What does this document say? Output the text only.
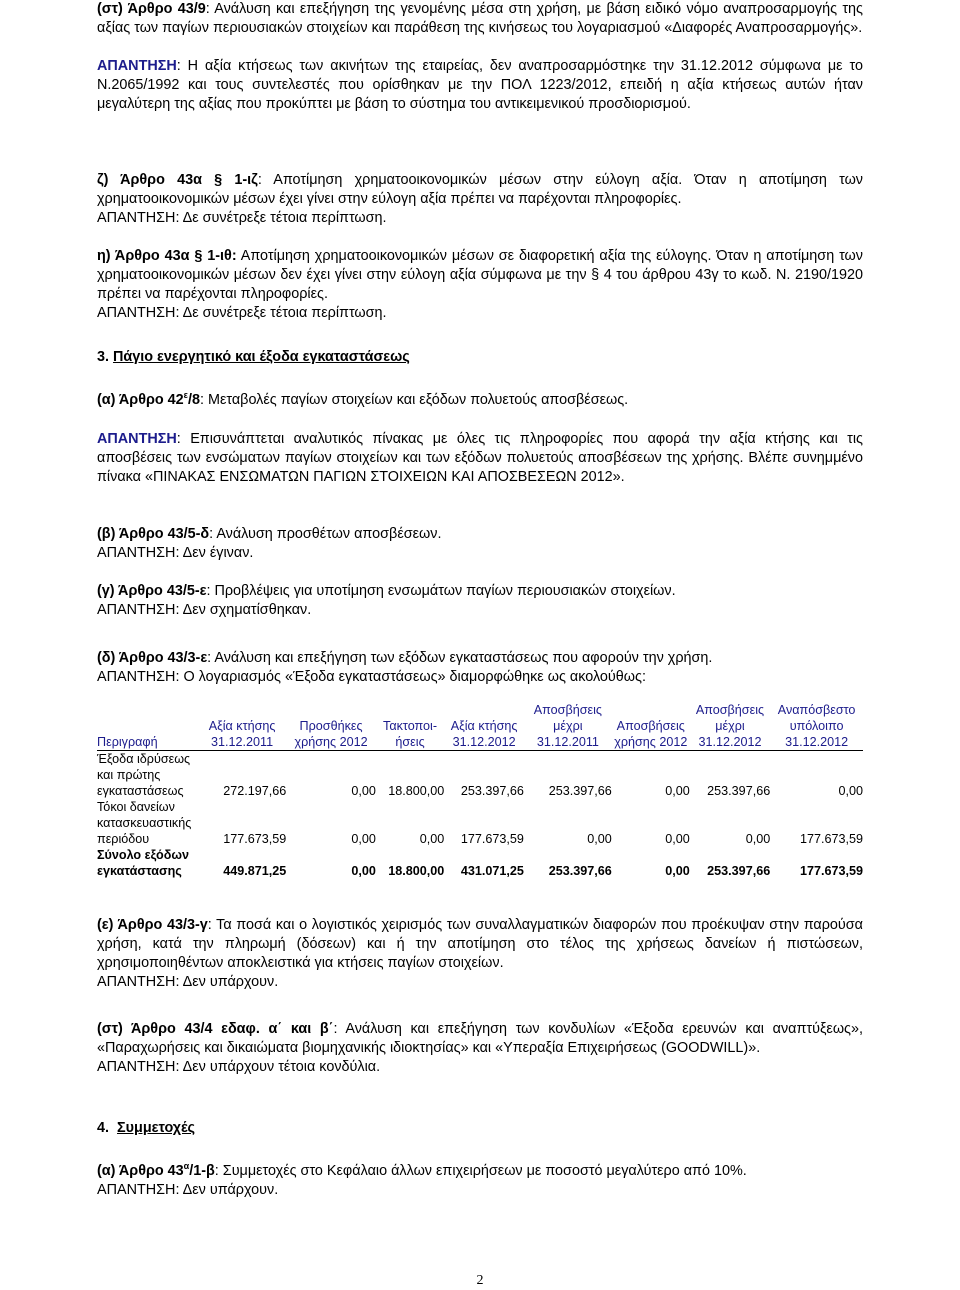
(στ) Άρθρο 43/9: Ανάλυση και επεξήγηση της γενομένης μέσα στη χρήση, με βάση ειδικό νόμο αναπροσαρμογής της αξίας των παγίων περιουσιακών στοιχείων και παράθεση της κινήσεως του λογαριασμού «Διαφορές Αναπροσαρμογής».

ΑΠΑΝΤΗΣΗ: Η αξία κτήσεως των ακινήτων της εταιρείας, δεν αναπροσαρμόστηκε την 31.12.2012 σύμφωνα με το Ν.2065/1992 και τους συντελεστές που ορίσθηκαν με την ΠΟΛ 1223/2012, επειδή η αξία κτήσεως αυτών ήταν μεγαλύτερη της αξίας που προκύπτει με βάση το σύστημα του αντικειμενικού προσδιορισμού.

ζ) Άρθρο 43α § 1-ιζ: Αποτίμηση χρηματοοικονομικών μέσων στην εύλογη αξία. Όταν η αποτίμηση των χρηματοοικονομικών μέσων έχει γίνει στην εύλογη αξία πρέπει να παρέχονται πληροφορίες.

ΑΠΑΝΤΗΣΗ: Δε συνέτρεξε τέτοια περίπτωση.

η) Άρθρο 43α § 1-ιθ: Αποτίμηση χρηματοοικονομικών μέσων σε διαφορετική αξία της εύλογης. Όταν η αποτίμηση των χρηματοοικονομικών μέσων δεν έχει γίνει στην εύλογη αξία σύμφωνα με την § 4 του άρθρου 43γ το κωδ. Ν. 2190/1920 πρέπει να παρέχονται πληροφορίες.

ΑΠΑΝΤΗΣΗ: Δε συνέτρεξε τέτοια περίπτωση.

3. Πάγιο ενεργητικό και έξοδα εγκαταστάσεως

(α) Άρθρο $42^\varepsilon/8$: Μεταβολές παγίων στοιχείων και εξόδων πολυετούς αποσβέσεως.

ΑΠΑΝΤΗΣΗ: Επισυνάπτεται αναλυτικός πίνακας με όλες τις πληροφορίες που αφορά την αξία κτήσης και τις αποσβέσεις των ενσώματων παγίων στοιχείων και των εξόδων πολυετούς αποσβέσεων της χρήσης. Βλέπε συνημμένο πίνακα «ΠΙΝΑΚΑΣ ΕΝΣΩΜΑΤΩΝ ΠΑΓΙΩΝ ΣΤΟΙΧΕΙΩΝ ΚΑΙ ΑΠΟΣΒΕΣΕΩΝ 2012».

(β) Άρθρο 43/5-δ: Ανάλυση προσθέτων αποσβέσεων.

ΑΠΑΝΤΗΣΗ: Δεν έγιναν.

(γ) Άρθρο 43/5-ε: Προβλέψεις για υποτίμηση ενσωμάτων παγίων περιουσιακών στοιχείων.

ΑΠΑΝΤΗΣΗ: Δεν σχηματίσθηκαν.

(δ) Άρθρο 43/3-ε: Ανάλυση και επεξήγηση των εξόδων εγκαταστάσεως που αφορούν την χρήση.

ΑΠΑΝΤΗΣΗ: Ο λογαριασμός «Έξοδα εγκαταστάσεως» διαμορφώθηκε ως ακολούθως:

Περιγραφή	Αξία κτήσης 31.12.2011	Προσθήκες χρήσης 2012	Τακτοποι-ήσεις	Αξία κτήσης 31.12.2012	Αποσβήσεις μέχρι 31.12.2011	Αποσβήσεις χρήσης 2012	Αποσβήσεις μέχρι 31.12.2012	Αναπόσβεστο υπόλοιπο 31.12.2012
Έξοδα ιδρύσεως και πρώτης εγκαταστάσεως	272.197,66	0,00	18.800,00	253.397,66	253.397,66	0,00	253.397,66	0,00
Τόκοι δανείων κατασκευαστικής περιόδου	177.673,59	0,00	0,00	177.673,59	0,00	0,00	0,00	177.673,59
Σύνολο εξόδων εγκατάστασης	449.871,25	0,00	18.800,00	431.071,25	253.397,66	0,00	253.397,66	177.673,59

(ε) Άρθρο 43/3-γ: Τα ποσά και ο λογιστικός χειρισμός των συναλλαγματικών διαφορών που προέκυψαν στην παρούσα χρήση, κατά την πληρωμή (δόσεων) και ή την αποτίμηση στο τέλος της χρήσεως δανείων ή πιστώσεων, χρησιμοποιηθέντων αποκλειστικά για κτήσεις παγίων στοιχείων.

ΑΠΑΝΤΗΣΗ: Δεν υπάρχουν.

(στ) Άρθρο 43/4 εδαφ. α΄ και β΄: Ανάλυση και επεξήγηση των κονδυλίων «Έξοδα ερευνών και αναπτύξεως», «Παραχωρήσεις και δικαιώματα βιομηχανικής ιδιοκτησίας» και «Υπεραξία Επιχειρήσεως (GOODWILL)».

ΑΠΑΝΤΗΣΗ: Δεν υπάρχουν τέτοια κονδύλια.

4. Συμμετοχές

(α) Άρθρο $43^\alpha/1-\beta$: Συμμετοχές στο Κεφάλαιο άλλων επιχειρήσεων με ποσοστό μεγαλύτερο από 10%.

ΑΠΑΝΤΗΣΗ: Δεν υπάρχουν.

2
